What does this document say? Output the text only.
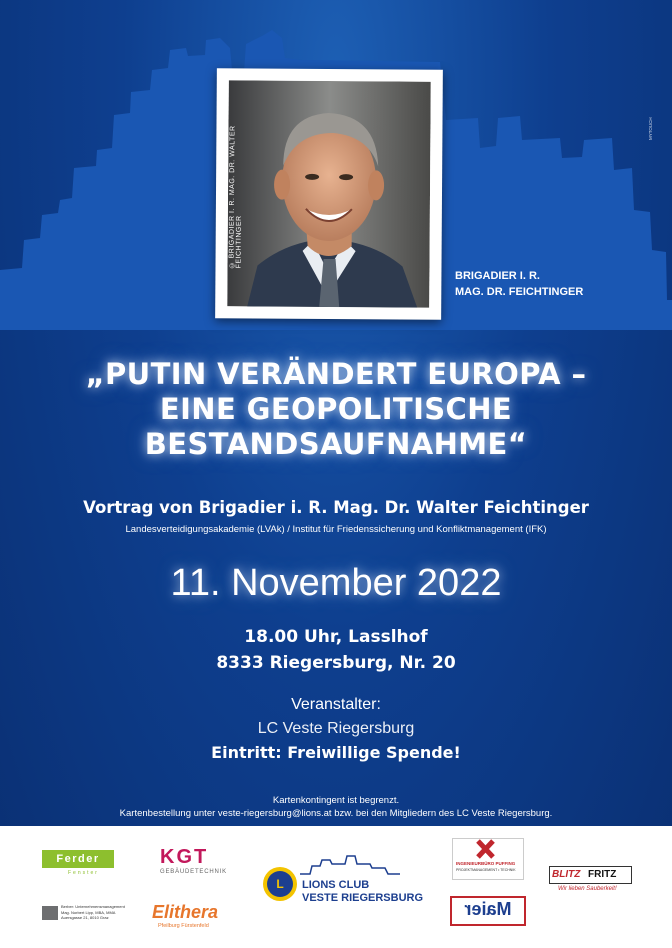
© BRIGADIER I. R. MAG. DR. WALTER FEICHTINGER
BRIGADIER I. R.
MAG. DR. FEICHTINGER
MYTOUCH
„PUTIN VERÄNDERT EUROPA –
EINE GEOPOLITISCHE
BESTANDSAUFNAHME“
Vortrag von Brigadier i. R. Mag. Dr. Walter Feichtinger
Landesverteidigungsakademie (LVAk) / Institut für Friedenssicherung und Konfliktmanagement (IFK)
11. November 2022
18.00 Uhr, Lasslhof
8333 Riegersburg, Nr. 20
Veranstalter:
LC Veste Riegersburg
Eintritt: Freiwillige Spende!
Kartenkontingent ist begrenzt.
Kartenbestellung unter veste-riegersburg@lions.at bzw. bei den Mitgliedern des LC Veste Riegersburg.
Ferder
Fenster
Berber: Unternehmensmanagement
Mag. Norbert Lipp, MBA, MMA
Auersgasse 21, 8010 Graz
KGT
GEBÄUDETECHNIK
Elithera
Pfeilburg Fürstenfeld
L LIONS CLUB
VESTE RIEGERSBURG
INGENIEURBÜRO PUFFING
PROJEKTMANAGEMENT • TECHNIK
Maier
BLITZ FRITZ
Wir lieben Sauberkeit!
